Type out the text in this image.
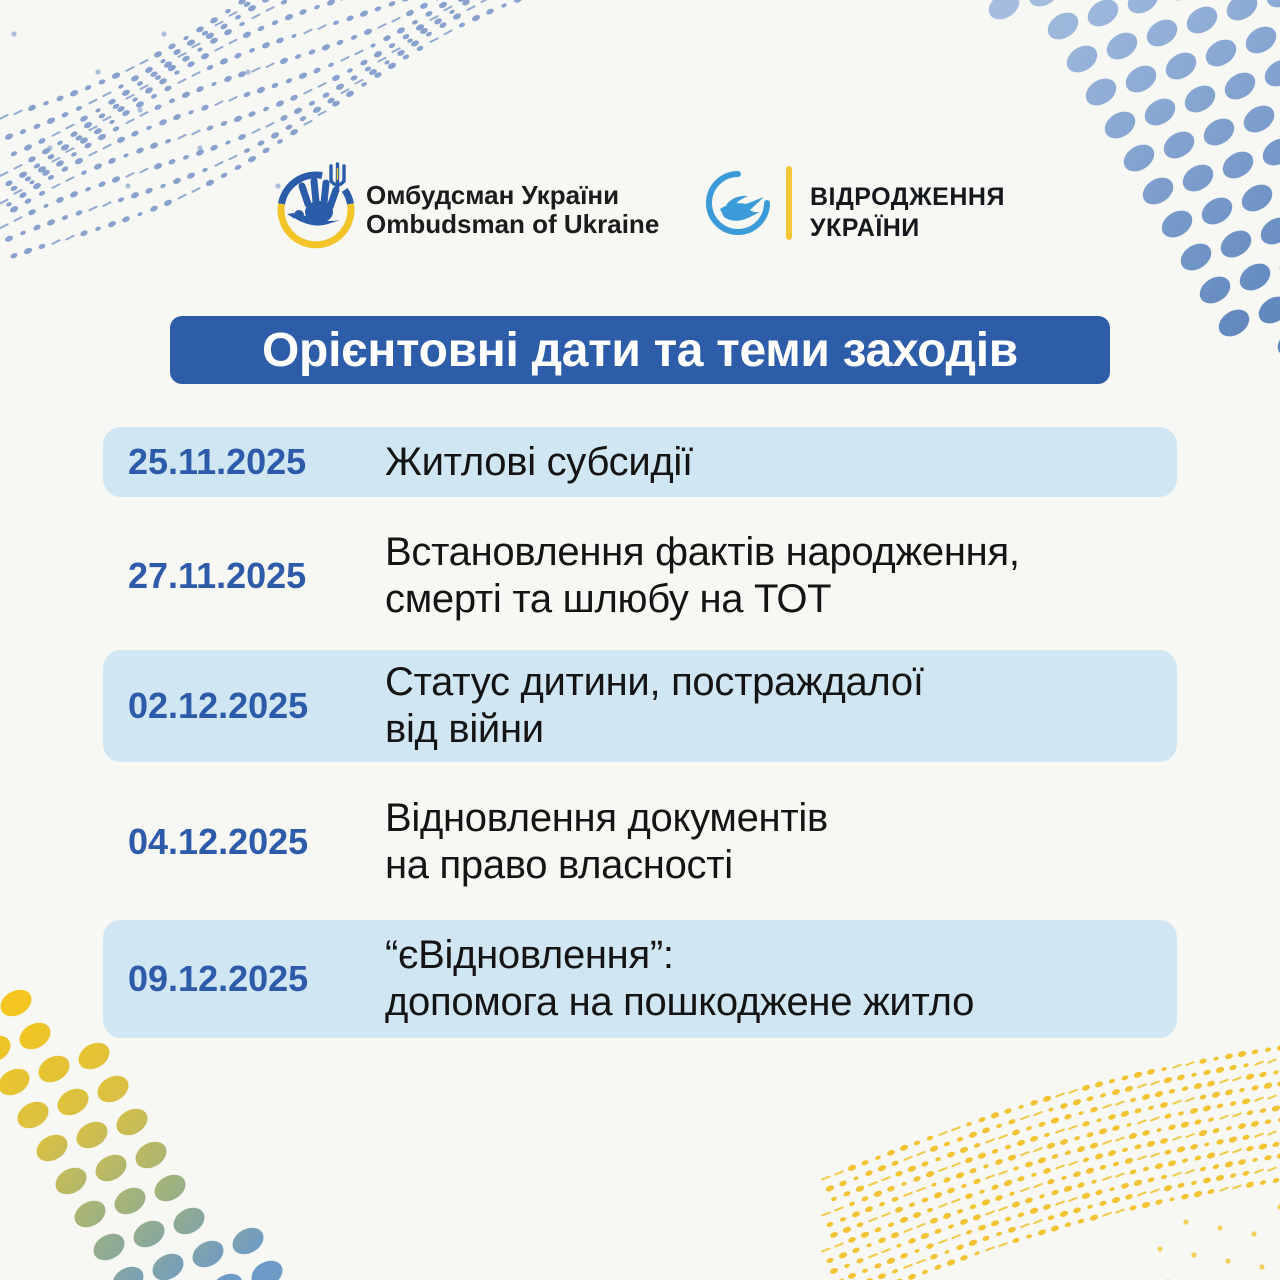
Омбудсман України
Ombudsman of Ukraine
ВІДРОДЖЕННЯ
УКРАЇНИ
Орієнтовні дати та теми заходів
25.11.2025	Житлові субсидії
27.11.2025
Встановлення фактів народження,
смерті та шлюбу на ТОТ
02.12.2025
Статус дитини, постраждалої
від війни
04.12.2025
Відновлення документів
на право власності
09.12.2025
“єВідновлення”:
допомога на пошкоджене житло
